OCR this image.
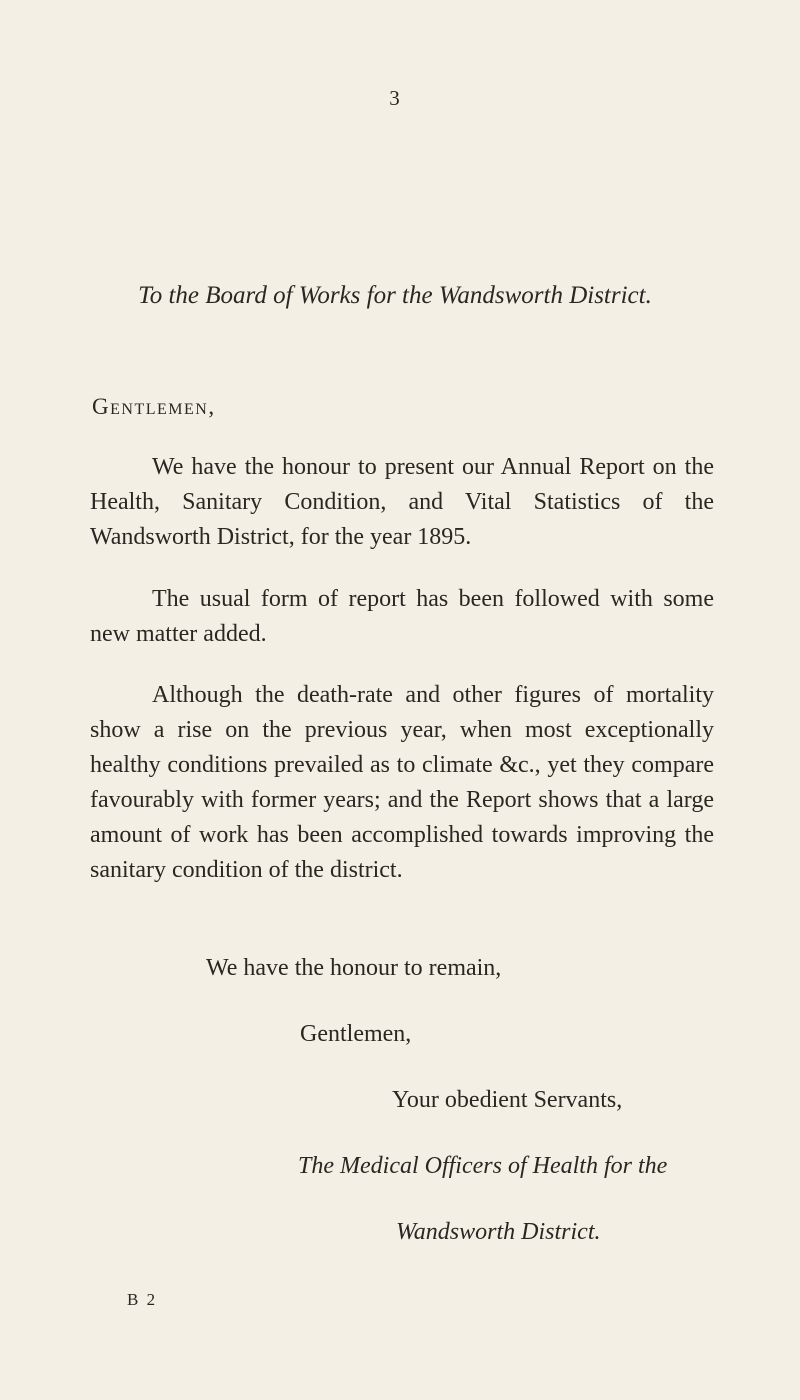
3
To the Board of Works for the Wandsworth District.
Gentlemen,

We have the honour to present our Annual Report on the Health, Sanitary Condition, and Vital Statistics of the Wandsworth District, for the year 1895.

The usual form of report has been followed with some new matter added.

Although the death-rate and other figures of mortality show a rise on the previous year, when most exceptionally healthy conditions prevailed as to climate &c., yet they compare favourably with former years; and the Report shows that a large amount of work has been accomplished towards improving the sanitary condition of the district.

We have the honour to remain,
Gentlemen,
Your obedient Servants,
The Medical Officers of Health for the
Wandsworth District.
B 2
